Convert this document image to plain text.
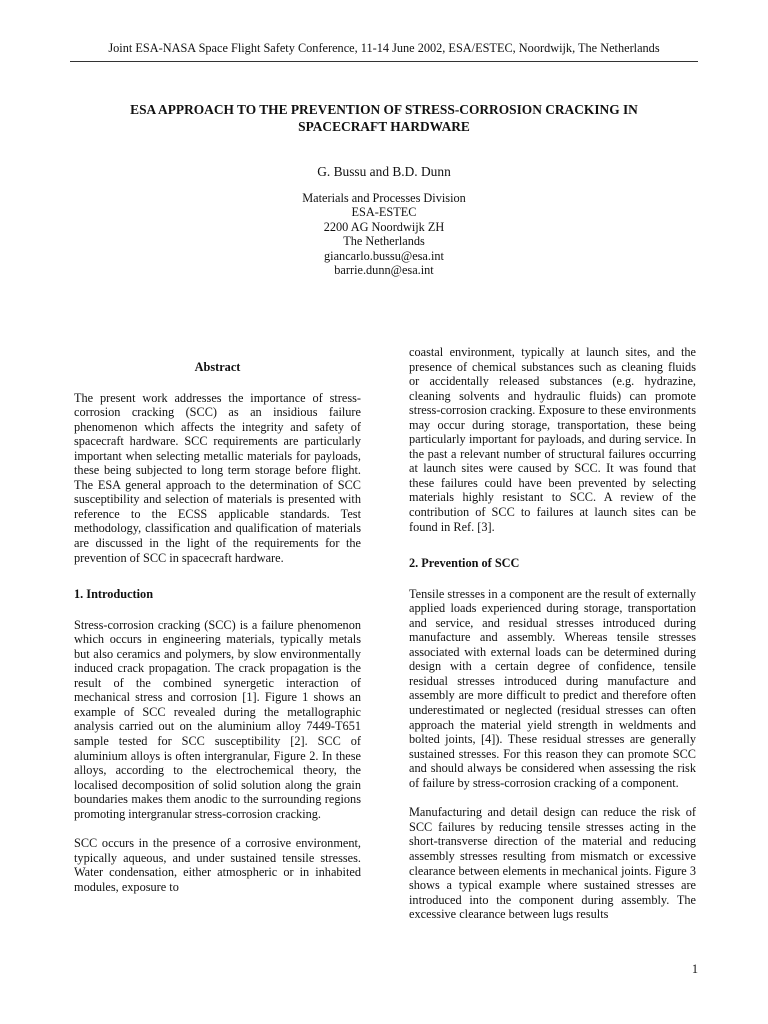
Joint ESA-NASA Space Flight Safety Conference, 11-14 June 2002, ESA/ESTEC, Noordwijk, The Netherlands
ESA APPROACH TO THE PREVENTION OF STRESS-CORROSION CRACKING IN
SPACECRAFT HARDWARE
G. Bussu and B.D. Dunn
Materials and Processes Division
ESA-ESTEC
2200 AG Noordwijk ZH
The Netherlands
giancarlo.bussu@esa.int
barrie.dunn@esa.int
Abstract

The present work addresses the importance of stress-corrosion cracking (SCC) as an insidious failure phenomenon which affects the integrity and safety of spacecraft hardware. SCC requirements are particularly important when selecting metallic materials for payloads, these being subjected to long term storage before flight. The ESA general approach to the determination of SCC susceptibility and selection of materials is presented with reference to the ECSS applicable standards. Test methodology, classification and qualification of materials are discussed in the light of the requirements for the prevention of SCC in spacecraft hardware.

1. Introduction

Stress-corrosion cracking (SCC) is a failure phenomenon which occurs in engineering materials, typically metals but also ceramics and polymers, by slow environmentally induced crack propagation. The crack propagation is the result of the combined synergetic interaction of mechanical stress and corrosion [1]. Figure 1 shows an example of SCC revealed during the metallographic analysis carried out on the aluminium alloy 7449-T651 sample tested for SCC susceptibility [2]. SCC of aluminium alloys is often intergranular, Figure 2. In these alloys, according to the electrochemical theory, the localised decomposition of solid solution along the grain boundaries makes them anodic to the surrounding regions promoting intergranular stress-corrosion cracking.

SCC occurs in the presence of a corrosive environment, typically aqueous, and under sustained tensile stresses. Water condensation, either atmospheric or in inhabited modules, exposure to

coastal environment, typically at launch sites, and the presence of chemical substances such as cleaning fluids or accidentally released substances (e.g. hydrazine, cleaning solvents and hydraulic fluids) can promote stress-corrosion cracking. Exposure to these environments may occur during storage, transportation, these being particularly important for payloads, and during service. In the past a relevant number of structural failures occurring at launch sites were caused by SCC. It was found that these failures could have been prevented by selecting materials highly resistant to SCC. A review of the contribution of SCC to failures at launch sites can be found in Ref. [3].

2. Prevention of SCC

Tensile stresses in a component are the result of externally applied loads experienced during storage, transportation and service, and residual stresses introduced during manufacture and assembly. Whereas tensile stresses associated with external loads can be determined during design with a certain degree of confidence, tensile residual stresses introduced during manufacture and assembly are more difficult to predict and therefore often underestimated or neglected (residual stresses can often approach the material yield strength in weldments and bolted joints, [4]). These residual stresses are generally sustained stresses. For this reason they can promote SCC and should always be considered when assessing the risk of failure by stress-corrosion cracking of a component.

Manufacturing and detail design can reduce the risk of SCC failures by reducing tensile stresses acting in the short-transverse direction of the material and reducing assembly stresses resulting from mismatch or excessive clearance between elements in mechanical joints. Figure 3 shows a typical example where sustained stresses are introduced into the component during assembly. The excessive clearance between lugs results

1
